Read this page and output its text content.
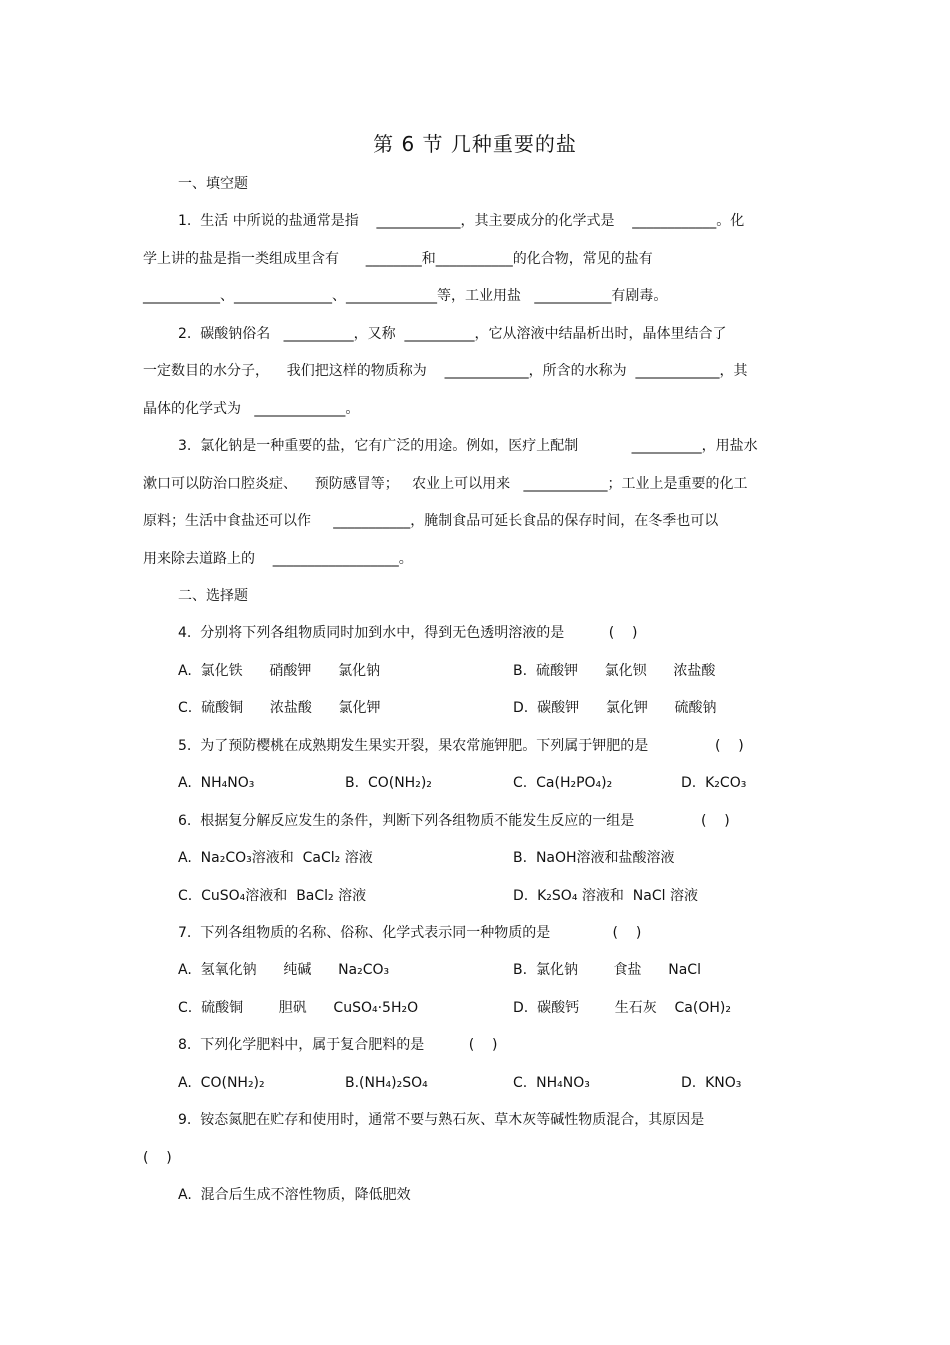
第 6 节 几种重要的盐
一、填空题
1.  生活 中所说的盐通常是指    ____________，其主要成分的化学式是    ____________。化
学上讲的盐是指一类组成里含有      ________和___________的化合物，常见的盐有
___________、______________、_____________等，工业用盐   ___________有剧毒。
2.  碳酸钠俗名   __________，又称  __________，它从溶液中结晶析出时，晶体里结合了
一定数目的水分子，    我们把这样的物质称为    ____________，所含的水称为  ____________，其
晶体的化学式为   _____________。
3.  氯化钠是一种重要的盐，它有广泛的用途。例如，医疗上配制            __________，用盐水
漱口可以防治口腔炎症、    预防感冒等；   农业上可以用来   ____________；工业上是重要的化工
原料；生活中食盐还可以作     ___________，腌制食品可延长食品的保存时间，在冬季也可以
用来除去道路上的    __________________。
二、选择题
4.  分别将下列各组物质同时加到水中，得到无色透明溶液的是          (    )
A.  氯化铁      硝酸钾      氯化钠	B.  硫酸钾      氯化钡      浓盐酸
C.  硫酸铜      浓盐酸      氯化钾	D.  碳酸钾      氯化钾      硫酸钠
5.  为了预防樱桃在成熟期发生果实开裂，果农常施钾肥。下列属于钾肥的是               (    )
A.  NH₄NO₃	B.  CO(NH₂)₂	C.  Ca(H₂PO₄)₂	D.  K₂CO₃
6.  根据复分解反应发生的条件，判断下列各组物质不能发生反应的一组是               (    )
A.  Na₂CO₃溶液和  CaCl₂ 溶液	B.  NaOH溶液和盐酸溶液
C.  CuSO₄溶液和  BaCl₂ 溶液	D.  K₂SO₄ 溶液和  NaCl 溶液
7.  下列各组物质的名称、俗称、化学式表示同一种物质的是              (    )
A.  氢氧化钠      纯碱      Na₂CO₃	B.  氯化钠        食盐      NaCl
C.  硫酸铜        胆矾      CuSO₄·5H₂O	D.  碳酸钙        生石灰    Ca(OH)₂
8.  下列化学肥料中，属于复合肥料的是          (    )
A.  CO(NH₂)₂	B.(NH₄)₂SO₄	C.  NH₄NO₃	D.  KNO₃
9.  铵态氮肥在贮存和使用时，通常不要与熟石灰、草木灰等碱性物质混合，其原因是
(    )
A.  混合后生成不溶性物质，降低肥效
